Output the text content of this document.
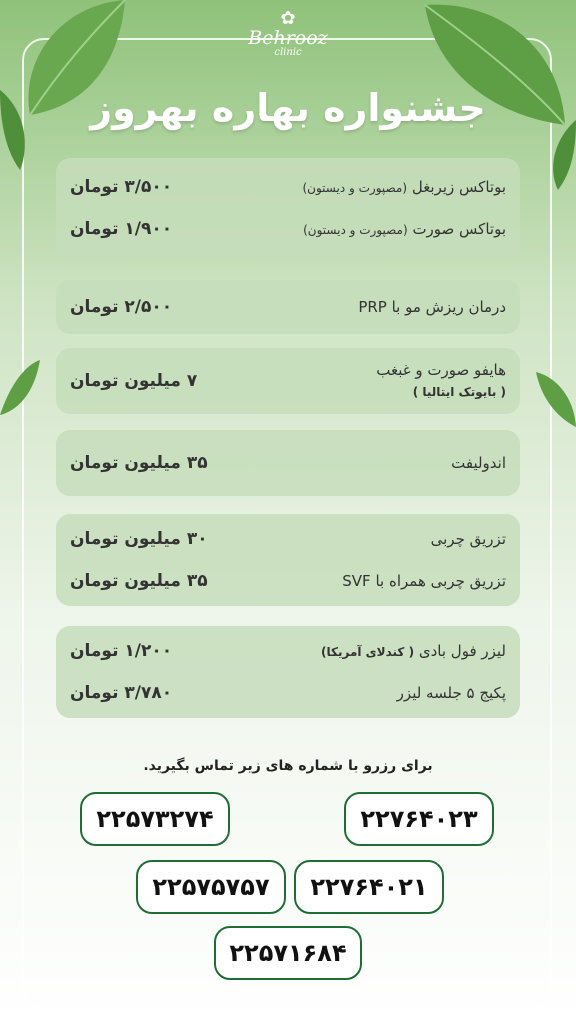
✿
Behrooz
clinic
جشنواره بهاره بهروز
بوتاکس زیربغل (مصپورت و دیستون)
۳/۵۰۰ تومان
بوتاکس صورت (مصپورت و دیستون)
۱/۹۰۰ تومان
درمان ریزش مو با PRP
۲/۵۰۰ تومان
هایفو صورت و غبغب
( بایوتک ایتالیا )
۷ میلیون تومان
اندولیفت
۳۵ میلیون تومان
تزریق چربی
۳۰ میلیون تومان
تزریق چربی همراه با SVF
۳۵ میلیون تومان
لیزر فول بادی ( کندلای آمریکا)
۱/۲۰۰ تومان
پکیج ۵ جلسه لیزر
۳/۷۸۰ تومان
برای رزرو با شماره های زیر تماس بگیرید.
۲۲۵۷۳۲۷۴	۲۲۷۶۴۰۲۳
۲۲۵۷۵۷۵۷	۲۲۷۶۴۰۲۱
۲۲۵۷۱۶۸۴
